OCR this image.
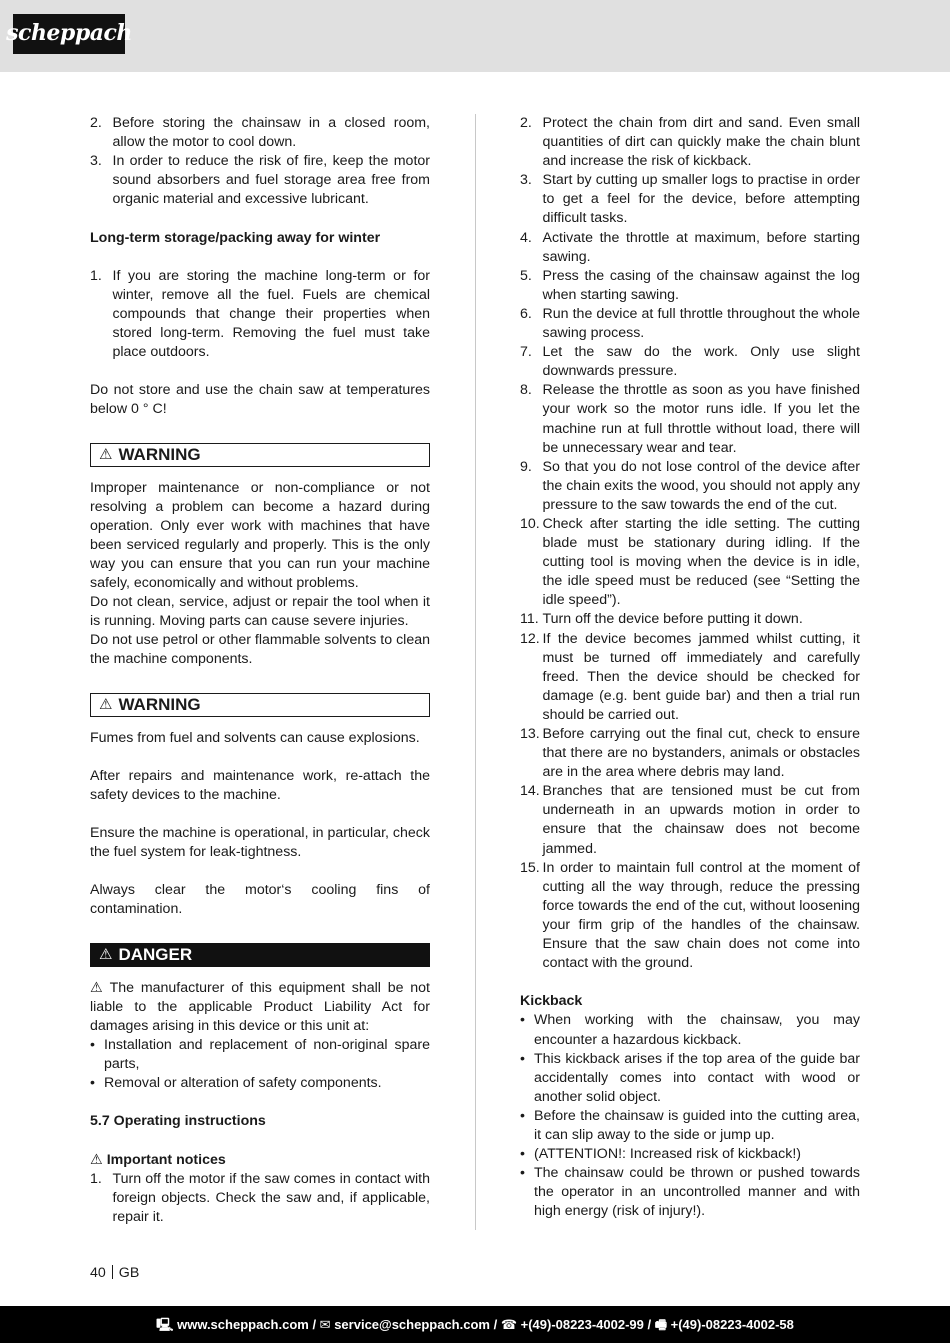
scheppach
2. Before storing the chainsaw in a closed room, allow the motor to cool down.
3. In order to reduce the risk of fire, keep the motor sound absorbers and fuel storage area free from organic material and excessive lubricant.

Long-term storage/packing away for winter

1. If you are storing the machine long-term or for winter, remove all the fuel. Fuels are chemical compounds that change their properties when stored long-term. Removing the fuel must take place outdoors.

Do not store and use the chain saw at temperatures below 0 ° C!

⚠ WARNING

Improper maintenance or non-compliance or not resolving a problem can become a hazard during operation. Only ever work with machines that have been serviced regularly and properly. This is the only way you can ensure that you can run your machine safely, economically and without problems.

Do not clean, service, adjust or repair the tool when it is running. Moving parts can cause severe injuries.

Do not use petrol or other flammable solvents to clean the machine components.

⚠ WARNING

Fumes from fuel and solvents can cause explosions.

After repairs and maintenance work, re-attach the safety devices to the machine.

Ensure the machine is operational, in particular, check the fuel system for leak-tightness.

Always clear the motor‘s cooling fins of contamination.

⚠ DANGER

⚠ The manufacturer of this equipment shall be not liable to the applicable Product Liability Act for damages arising in this device or this unit at:

• Installation and replacement of non-original spare parts,
• Removal or alteration of safety components.

5.7 Operating instructions

⚠ Important notices

1. Turn off the motor if the saw comes in contact with foreign objects. Check the saw and, if applicable, repair it.
2. Protect the chain from dirt and sand. Even small quantities of dirt can quickly make the chain blunt and increase the risk of kickback.
3. Start by cutting up smaller logs to practise in order to get a feel for the device, before attempting difficult tasks.
4. Activate the throttle at maximum, before starting sawing.
5. Press the casing of the chainsaw against the log when starting sawing.
6. Run the device at full throttle throughout the whole sawing process.
7. Let the saw do the work. Only use slight downwards pressure.
8. Release the throttle as soon as you have finished your work so the motor runs idle. If you let the machine run at full throttle without load, there will be unnecessary wear and tear.
9. So that you do not lose control of the device after the chain exits the wood, you should not apply any pressure to the saw towards the end of the cut.
10. Check after starting the idle setting. The cutting blade must be stationary during idling. If the cutting tool is moving when the device is in idle, the idle speed must be reduced (see “Setting the idle speed”).
11. Turn off the device before putting it down.
12. If the device becomes jammed whilst cutting, it must be turned off immediately and carefully freed. Then the device should be checked for damage (e.g. bent guide bar) and then a trial run should be carried out.
13. Before carrying out the final cut, check to ensure that there are no bystanders, animals or obstacles are in the area where debris may land.
14. Branches that are tensioned must be cut from underneath in an upwards motion in order to ensure that the chainsaw does not become jammed.
15. In order to maintain full control at the moment of cutting all the way through, reduce the pressing force towards the end of the cut, without loosening your firm grip of the handles of the chainsaw. Ensure that the saw chain does not come into contact with the ground.

Kickback

• When working with the chainsaw, you may encounter a hazardous kickback.
• This kickback arises if the top area of the guide bar accidentally comes into contact with wood or another solid object.
• Before the chainsaw is guided into the cutting area, it can slip away to the side or jump up.
• (ATTENTION!: Increased risk of kickback!)
• The chainsaw could be thrown or pushed towards the operator in an uncontrolled manner and with high energy (risk of injury!).
40 GB
🖳
www.scheppach.com / ✉
service@scheppach.com / ☎
+(49)-08223-4002-99 / 🖷
+(49)-08223-4002-58
